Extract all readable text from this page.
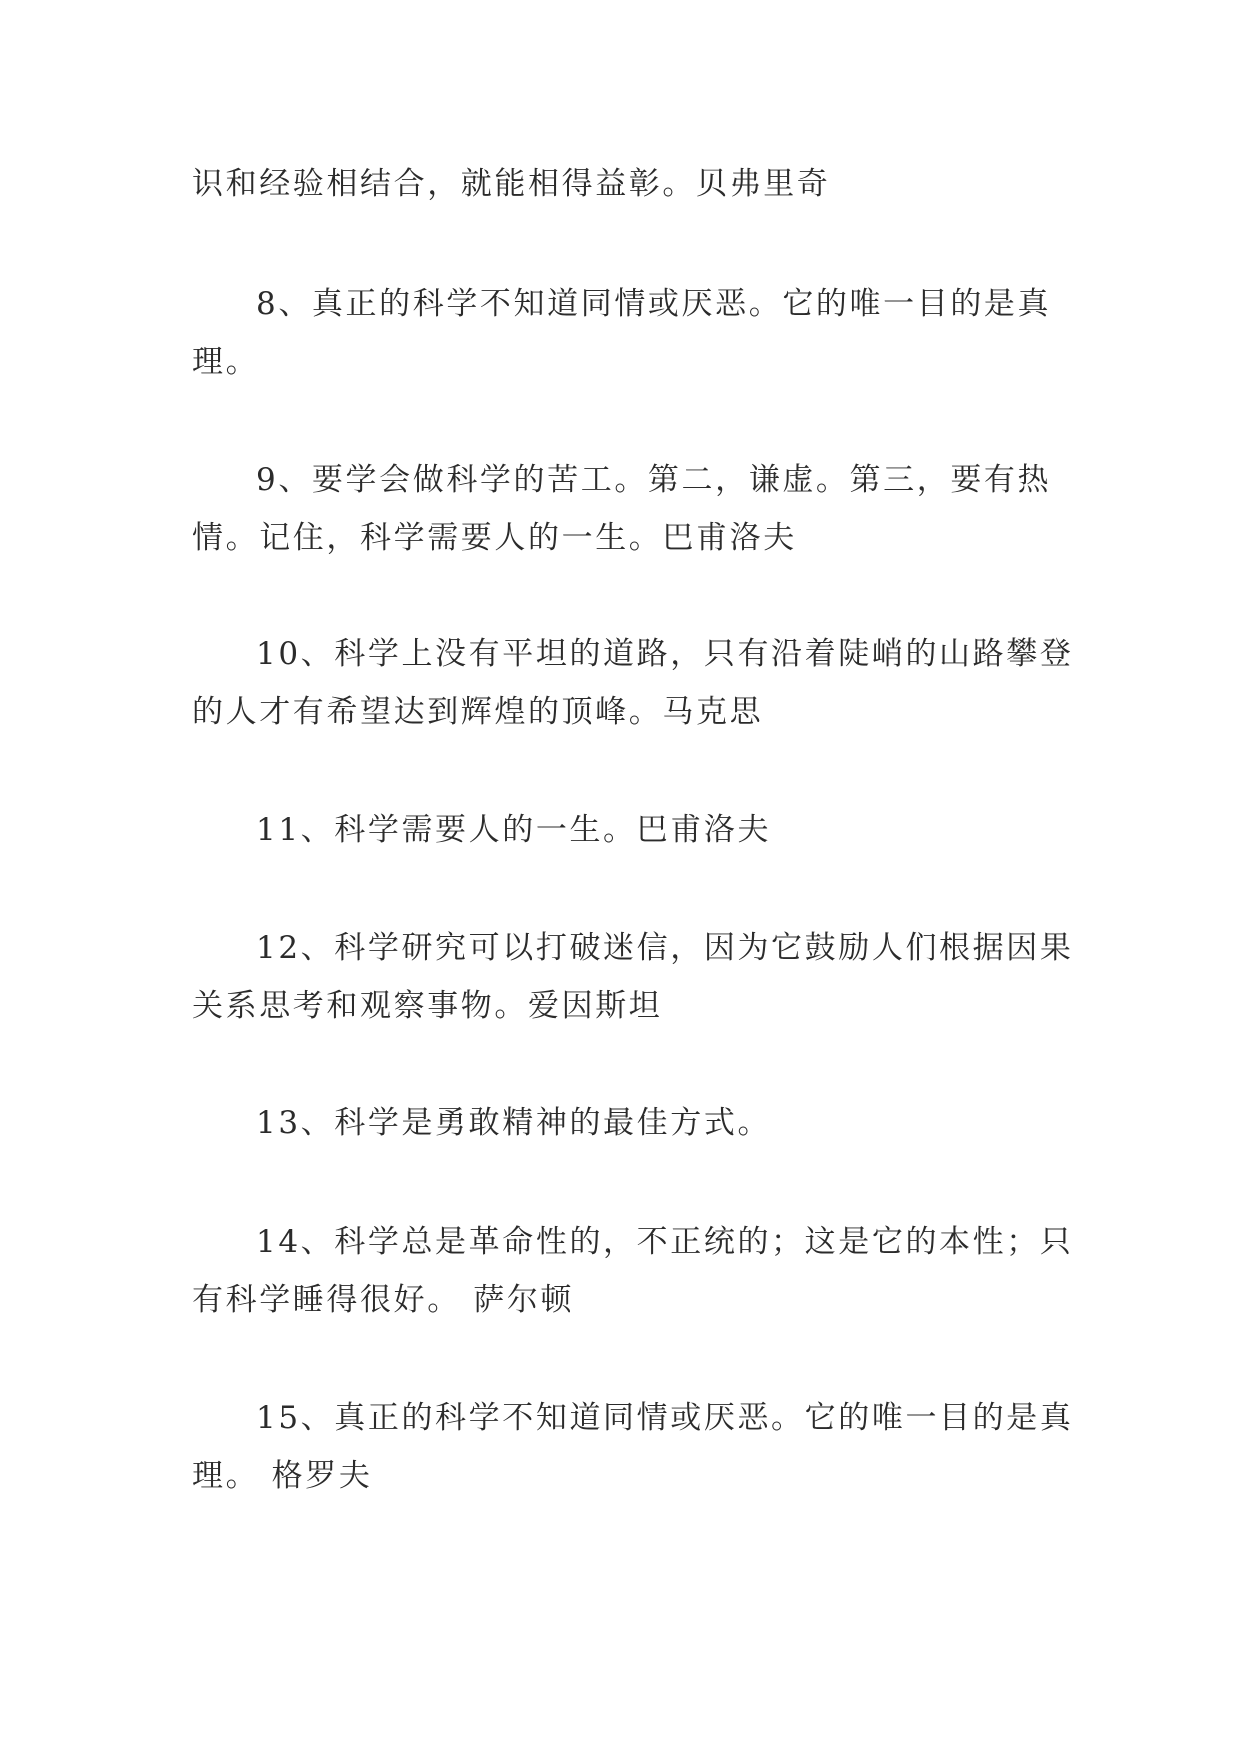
识和经验相结合，就能相得益彰。贝弗里奇

8、真正的科学不知道同情或厌恶。它的唯一目的是真

理。

9、要学会做科学的苦工。第二，谦虚。第三，要有热

情。记住，科学需要人的一生。巴甫洛夫

10、科学上没有平坦的道路，只有沿着陡峭的山路攀登

的人才有希望达到辉煌的顶峰。马克思

11、科学需要人的一生。巴甫洛夫

12、科学研究可以打破迷信，因为它鼓励人们根据因果

关系思考和观察事物。爱因斯坦

13、科学是勇敢精神的最佳方式。

14、科学总是革命性的，不正统的；这是它的本性；只

有科学睡得很好。 萨尔顿

15、真正的科学不知道同情或厌恶。它的唯一目的是真

理。 格罗夫
